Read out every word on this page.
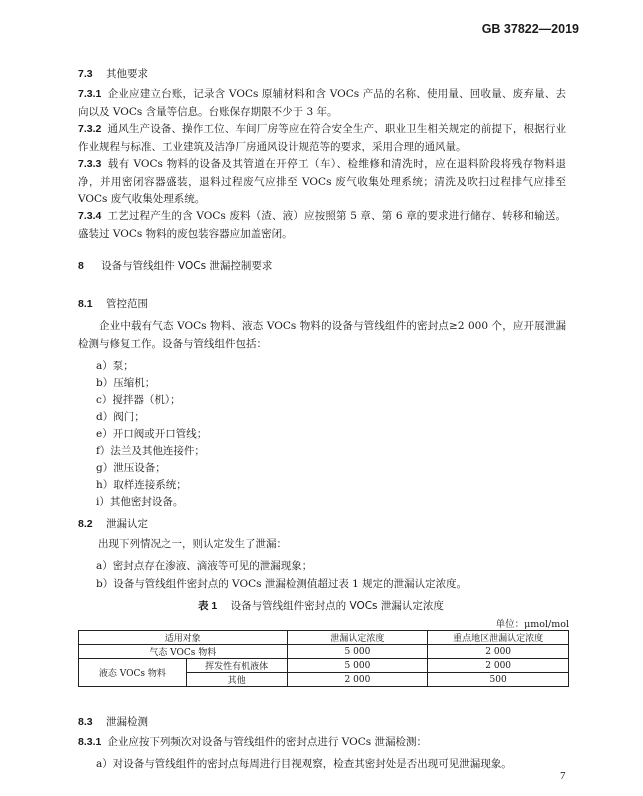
GB 37822—2019
7.3 其他要求
7.3.1 企业应建立台账，记录含 VOCs 原辅材料和含 VOCs 产品的名称、使用量、回收量、废弃量、去向以及 VOCs 含量等信息。台账保存期限不少于 3 年。
7.3.2 通风生产设备、操作工位、车间厂房等应在符合安全生产、职业卫生相关规定的前提下，根据行业作业规程与标准、工业建筑及洁净厂房通风设计规范等的要求，采用合理的通风量。
7.3.3 载有 VOCs 物料的设备及其管道在开停工（车）、检维修和清洗时，应在退料阶段将残存物料退净，并用密闭容器盛装，退料过程废气应排至 VOCs 废气收集处理系统；清洗及吹扫过程排气应排至 VOCs 废气收集处理系统。
7.3.4 工艺过程产生的含 VOCs 废料（渣、液）应按照第 5 章、第 6 章的要求进行储存、转移和输送。盛装过 VOCs 物料的废包装容器应加盖密闭。
8 设备与管线组件 VOCs 泄漏控制要求
8.1 管控范围
企业中载有气态 VOCs 物料、液态 VOCs 物料的设备与管线组件的密封点≥2 000 个，应开展泄漏检测与修复工作。设备与管线组件包括：
a）泵；
b）压缩机；
c）搅拌器（机）；
d）阀门；
e）开口阀或开口管线；
f）法兰及其他连接件；
g）泄压设备；
h）取样连接系统；
i）其他密封设备。
8.2 泄漏认定
出现下列情况之一，则认定发生了泄漏：
a）密封点存在渗液、滴液等可见的泄漏现象；
b）设备与管线组件密封点的 VOCs 泄漏检测值超过表 1 规定的泄漏认定浓度。
表 1 设备与管线组件密封点的 VOCs 泄漏认定浓度
单位：μmol/mol
适用对象		泄漏认定浓度	重点地区泄漏认定浓度
气态 VOCs 物料		5 000	2 000
液态 VOCs 物料	挥发性有机液体	5 000	2 000
	其他	2 000	500
8.3 泄漏检测
8.3.1 企业应按下列频次对设备与管线组件的密封点进行 VOCs 泄漏检测：
a）对设备与管线组件的密封点每周进行目视观察，检查其密封处是否出现可见泄漏现象。
7
